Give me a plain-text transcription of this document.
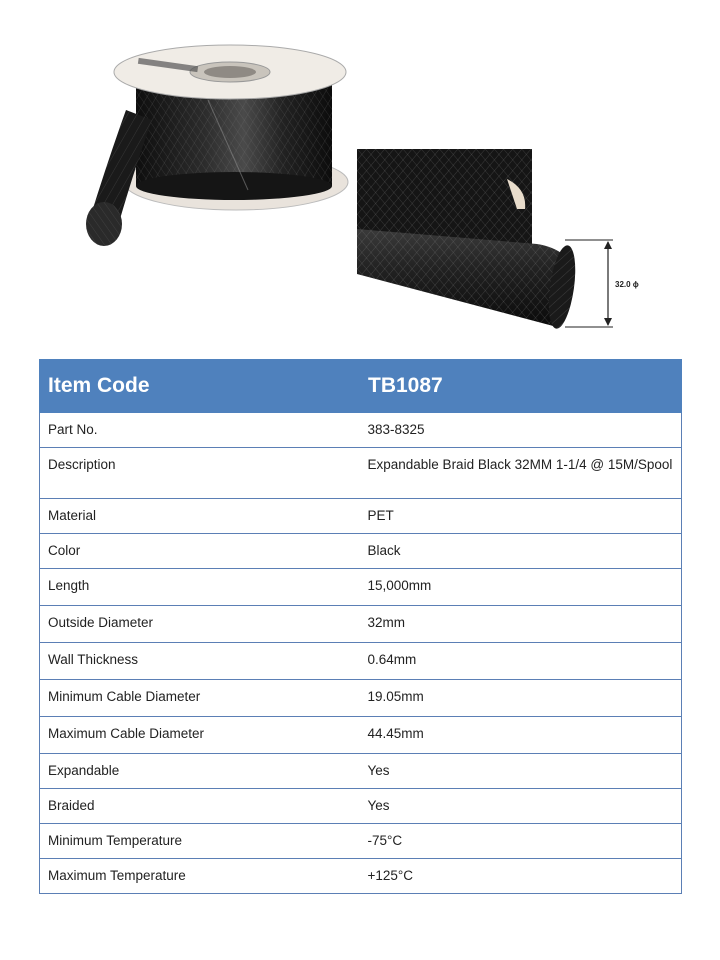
32.0 ϕ
Item Code	TB1087
Part No.	383-8325
Description	Expandable Braid Black 32MM 1-1/4 @ 15M/Spool
Material	PET
Color	Black
Length	15,000mm
Outside Diameter	32mm
Wall Thickness	0.64mm
Minimum Cable Diameter	19.05mm
Maximum Cable Diameter	44.45mm
Expandable	Yes
Braided	Yes
Minimum Temperature	-75°C
Maximum Temperature	+125°C
